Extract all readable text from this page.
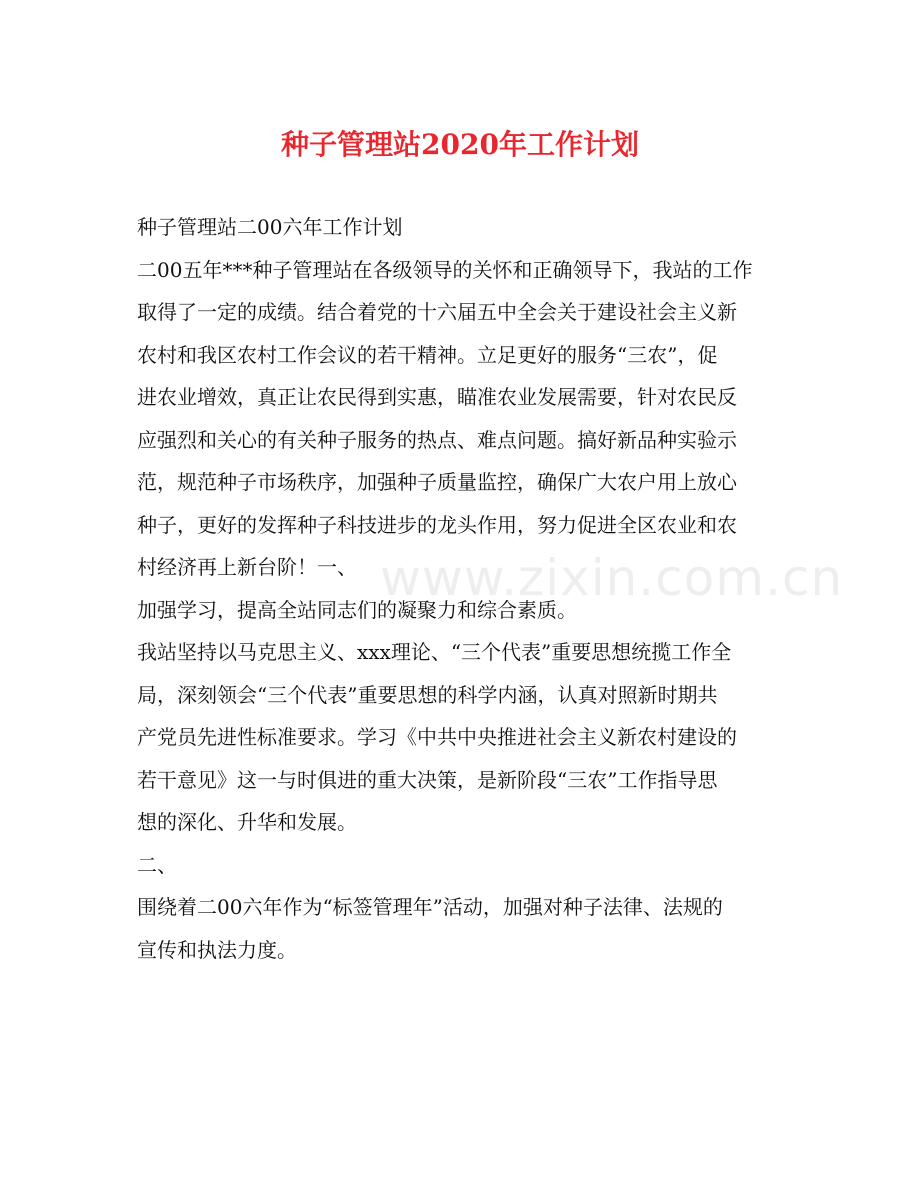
种子管理站2020年工作计划
www.zixin.com.cn
种子管理站二00六年工作计划
二00五年***种子管理站在各级领导的关怀和正确领导下，我站的工作
取得了一定的成绩。结合着党的十六届五中全会关于建设社会主义新
农村和我区农村工作会议的若干精神。立足更好的服务“三农”，促
进农业增效，真正让农民得到实惠，瞄准农业发展需要，针对农民反
应强烈和关心的有关种子服务的热点、难点问题。搞好新品种实验示
范，规范种子市场秩序，加强种子质量监控，确保广大农户用上放心
种子，更好的发挥种子科技进步的龙头作用，努力促进全区农业和农
村经济再上新台阶！一、
加强学习，提高全站同志们的凝聚力和综合素质。
我站坚持以马克思主义、xxx理论、“三个代表”重要思想统揽工作全
局，深刻领会“三个代表”重要思想的科学内涵，认真对照新时期共
产党员先进性标准要求。学习《中共中央推进社会主义新农村建设的
若干意见》这一与时俱进的重大决策，是新阶段“三农”工作指导思
想的深化、升华和发展。
二、
围绕着二00六年作为“标签管理年”活动，加强对种子法律、法规的
宣传和执法力度。
